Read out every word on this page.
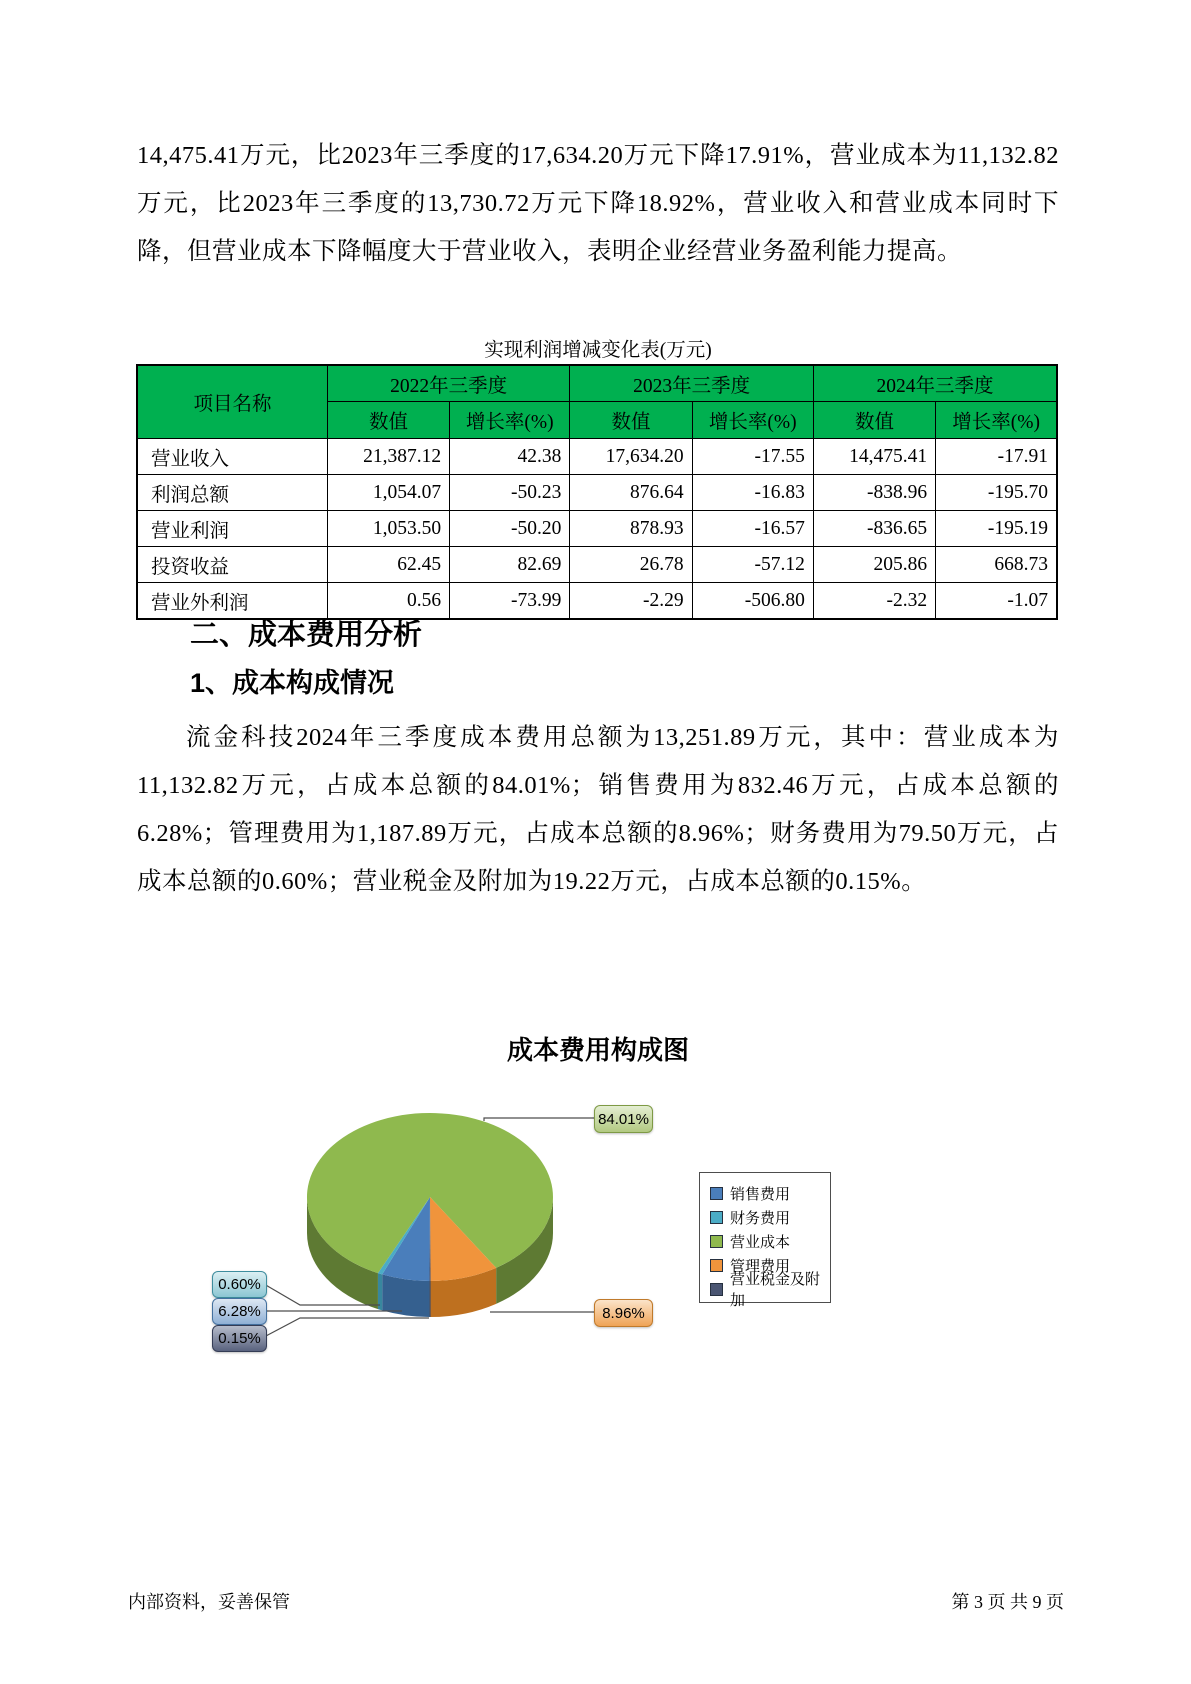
14,475.41万元，比2023年三季度的17,634.20万元下降17.91%，营业成本为11,132.82万元，比2023年三季度的13,730.72万元下降18.92%，营业收入和营业成本同时下降，但营业成本下降幅度大于营业收入，表明企业经营业务盈利能力提高。
实现利润增减变化表(万元)
项目名称	2022年三季度		2023年三季度		2024年三季度	
	数值	增长率(%)	数值	增长率(%)	数值	增长率(%)
营业收入	21,387.12	42.38	17,634.20	-17.55	14,475.41	-17.91
利润总额	1,054.07	-50.23	876.64	-16.83	-838.96	-195.70
营业利润	1,053.50	-50.20	878.93	-16.57	-836.65	-195.19
投资收益	62.45	82.69	26.78	-57.12	205.86	668.73
营业外利润	0.56	-73.99	-2.29	-506.80	-2.32	-1.07
二、成本费用分析
1、成本构成情况
流金科技2024年三季度成本费用总额为13,251.89万元，其中：营业成本为11,132.82万元，占成本总额的84.01%；销售费用为832.46万元，占成本总额的6.28%；管理费用为1,187.89万元，占成本总额的8.96%；财务费用为79.50万元，占成本总额的0.60%；营业税金及附加为19.22万元，占成本总额的0.15%。
成本费用构成图
84.01%
0.60%
6.28%
0.15%
8.96%
销售费用
财务费用
营业成本
管理费用
营业税金及附加
内部资料，妥善保管	第 3 页 共 9 页
